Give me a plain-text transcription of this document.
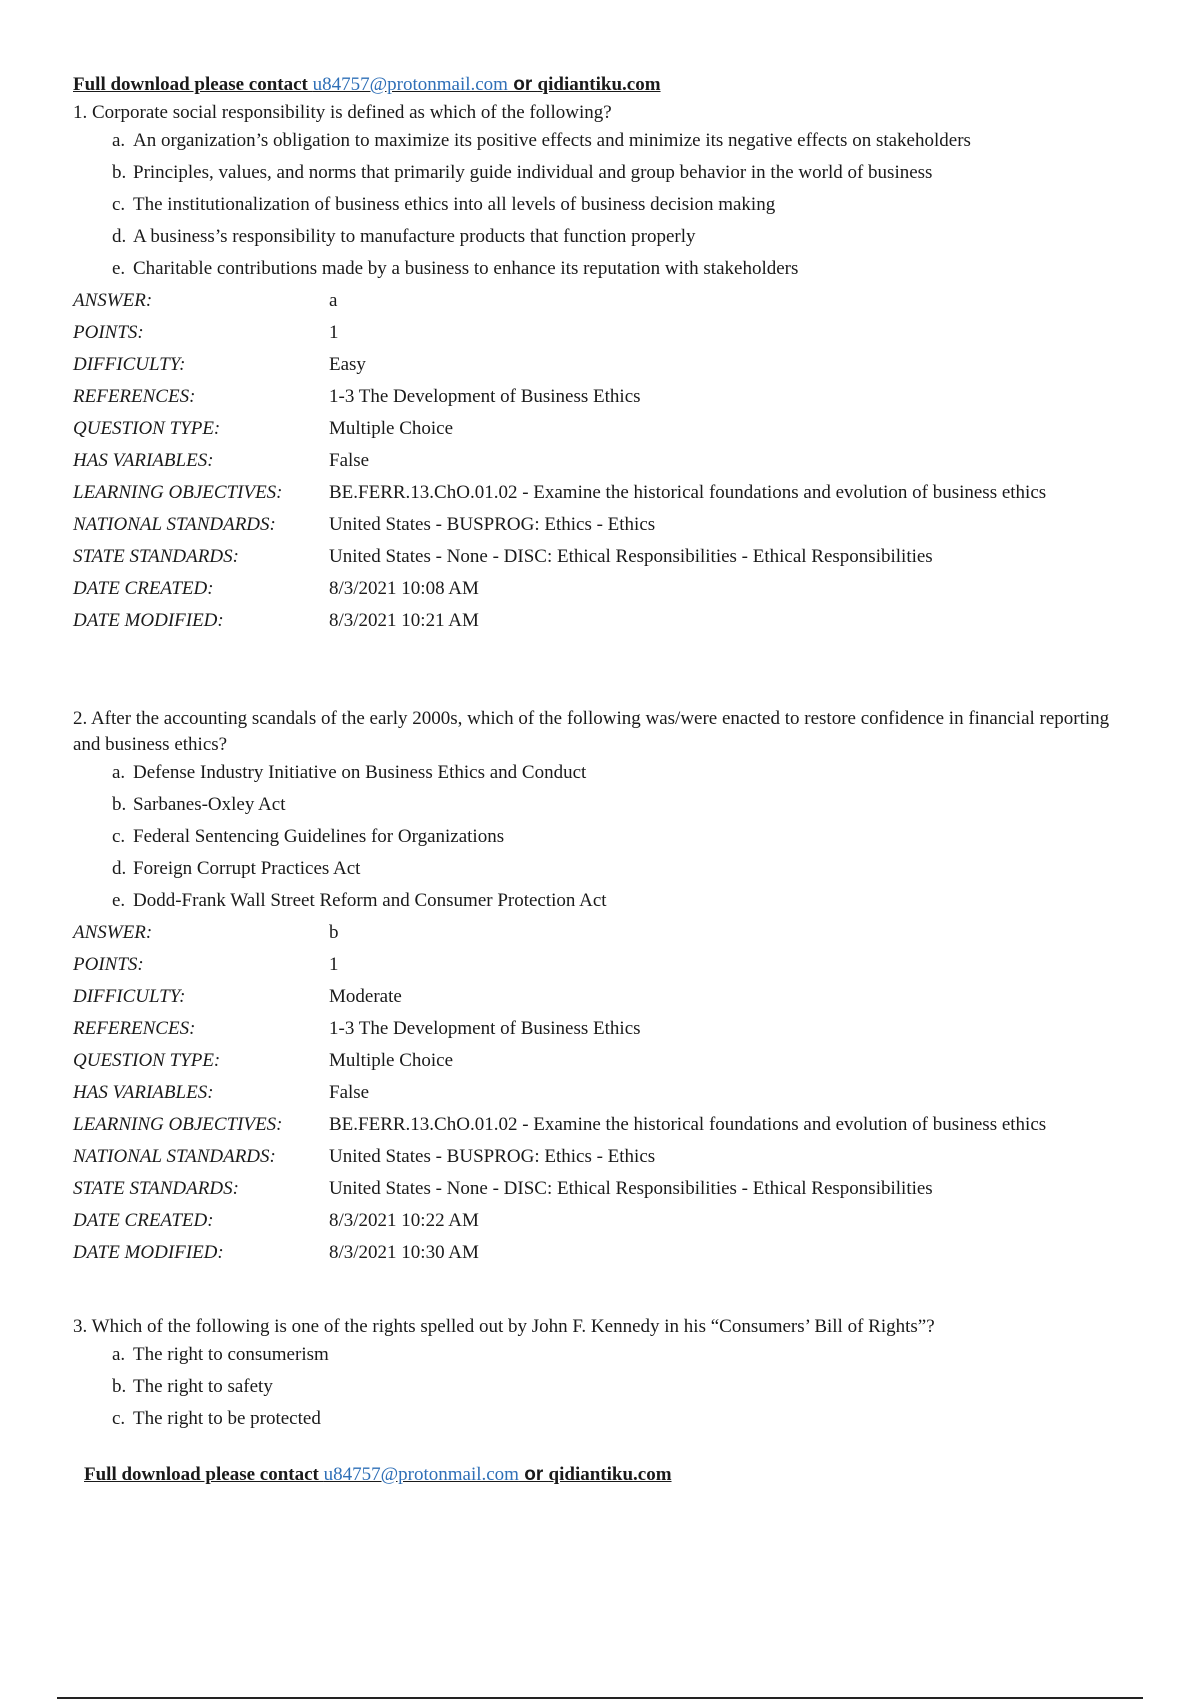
Full download please contact u84757@protonmail.com or qidiantiku.com

1. Corporate social responsibility is defined as which of the following?

a. An organization’s obligation to maximize its positive effects and minimize its negative effects on stakeholders
b. Principles, values, and norms that primarily guide individual and group behavior in the world of business
c. The institutionalization of business ethics into all levels of business decision making
d. A business’s responsibility to manufacture products that function properly
e. Charitable contributions made by a business to enhance its reputation with stakeholders
ANSWER:	a
POINTS:	1
DIFFICULTY:	Easy
REFERENCES:	1-3 The Development of Business Ethics
QUESTION TYPE:	Multiple Choice
HAS VARIABLES:	False
LEARNING OBJECTIVES:	BE.FERR.13.ChO.01.02 - Examine the historical foundations and evolution of business ethics
NATIONAL STANDARDS:	United States - BUSPROG: Ethics - Ethics
STATE STANDARDS:	United States - None - DISC: Ethical Responsibilities - Ethical Responsibilities
DATE CREATED:	8/3/2021 10:08 AM
DATE MODIFIED:	8/3/2021 10:21 AM

2. After the accounting scandals of the early 2000s, which of the following was/were enacted to restore confidence in financial reporting and business ethics?

a. Defense Industry Initiative on Business Ethics and Conduct
b. Sarbanes-Oxley Act
c. Federal Sentencing Guidelines for Organizations
d. Foreign Corrupt Practices Act
e. Dodd-Frank Wall Street Reform and Consumer Protection Act
ANSWER:	b
POINTS:	1
DIFFICULTY:	Moderate
REFERENCES:	1-3 The Development of Business Ethics
QUESTION TYPE:	Multiple Choice
HAS VARIABLES:	False
LEARNING OBJECTIVES:	BE.FERR.13.ChO.01.02 - Examine the historical foundations and evolution of business ethics
NATIONAL STANDARDS:	United States - BUSPROG: Ethics - Ethics
STATE STANDARDS:	United States - None - DISC: Ethical Responsibilities - Ethical Responsibilities
DATE CREATED:	8/3/2021 10:22 AM
DATE MODIFIED:	8/3/2021 10:30 AM

3. Which of the following is one of the rights spelled out by John F. Kennedy in his “Consumers’ Bill of Rights”?

a. The right to consumerism
b. The right to safety
c. The right to be protected
Full download please contact u84757@protonmail.com or qidiantiku.com
